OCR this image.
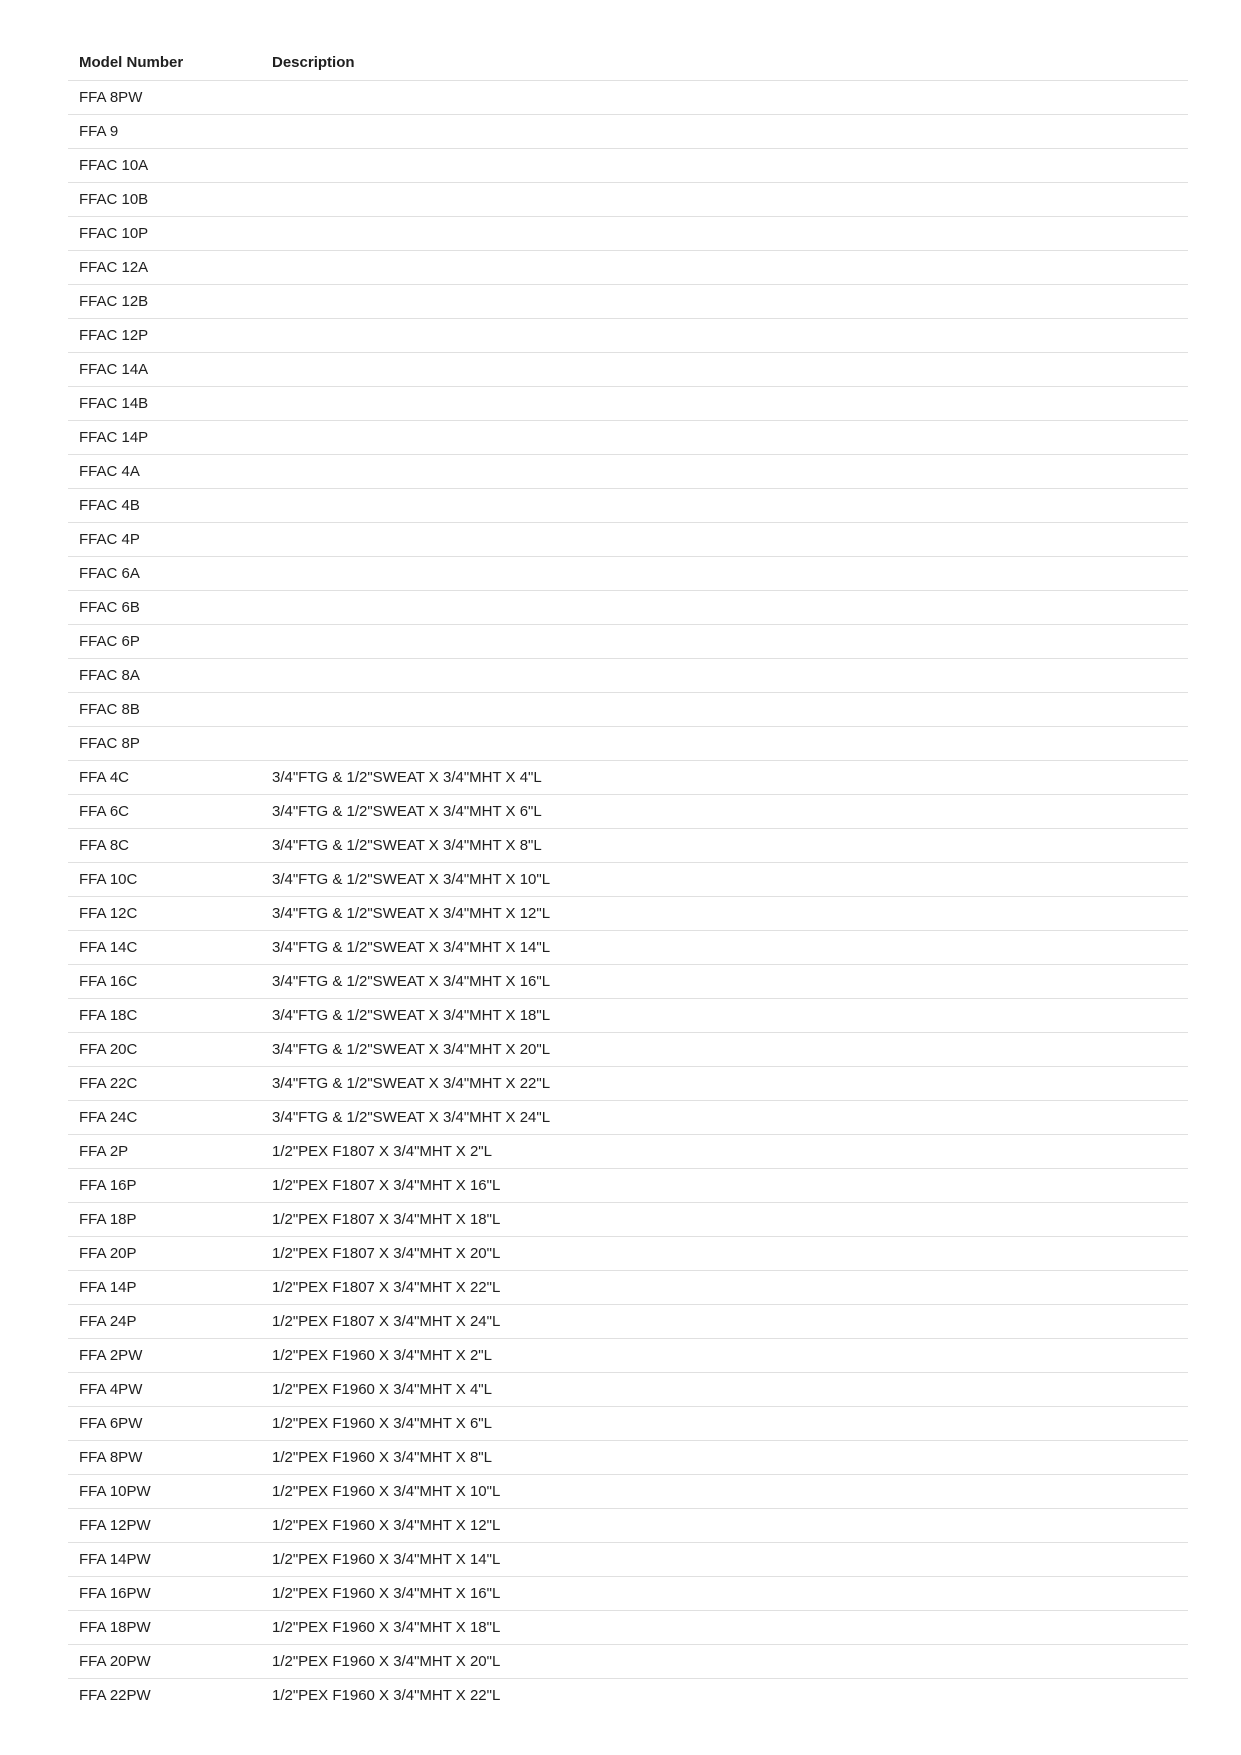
Model Number	Description
FFA 8PW	
FFA 9	
FFAC 10A	
FFAC 10B	
FFAC 10P	
FFAC 12A	
FFAC 12B	
FFAC 12P	
FFAC 14A	
FFAC 14B	
FFAC 14P	
FFAC 4A	
FFAC 4B	
FFAC 4P	
FFAC 6A	
FFAC 6B	
FFAC 6P	
FFAC 8A	
FFAC 8B	
FFAC 8P	
FFA 4C	3/4"FTG & 1/2"SWEAT X 3/4"MHT X 4"L
FFA 6C	3/4"FTG & 1/2"SWEAT X 3/4"MHT X 6"L
FFA 8C	3/4"FTG & 1/2"SWEAT X 3/4"MHT X 8"L
FFA 10C	3/4"FTG & 1/2"SWEAT X 3/4"MHT X 10"L
FFA 12C	3/4"FTG & 1/2"SWEAT X 3/4"MHT X 12"L
FFA 14C	3/4"FTG & 1/2"SWEAT X 3/4"MHT X 14"L
FFA 16C	3/4"FTG & 1/2"SWEAT X 3/4"MHT X 16"L
FFA 18C	3/4"FTG & 1/2"SWEAT X 3/4"MHT X 18"L
FFA 20C	3/4"FTG & 1/2"SWEAT X 3/4"MHT X 20"L
FFA 22C	3/4"FTG & 1/2"SWEAT X 3/4"MHT X 22"L
FFA 24C	3/4"FTG & 1/2"SWEAT X 3/4"MHT X 24"L
FFA 2P	1/2"PEX F1807 X 3/4"MHT X 2"L
FFA 16P	1/2"PEX F1807 X 3/4"MHT X 16"L
FFA 18P	1/2"PEX F1807 X 3/4"MHT X 18"L
FFA 20P	1/2"PEX F1807 X 3/4"MHT X 20"L
FFA 14P	1/2"PEX F1807 X 3/4"MHT X 22"L
FFA 24P	1/2"PEX F1807 X 3/4"MHT X 24"L
FFA 2PW	1/2"PEX F1960 X 3/4"MHT X 2"L
FFA 4PW	1/2"PEX F1960 X 3/4"MHT X 4"L
FFA 6PW	1/2"PEX F1960 X 3/4"MHT X 6"L
FFA 8PW	1/2"PEX F1960 X 3/4"MHT X 8"L
FFA 10PW	1/2"PEX F1960 X 3/4"MHT X 10"L
FFA 12PW	1/2"PEX F1960 X 3/4"MHT X 12"L
FFA 14PW	1/2"PEX F1960 X 3/4"MHT X 14"L
FFA 16PW	1/2"PEX F1960 X 3/4"MHT X 16"L
FFA 18PW	1/2"PEX F1960 X 3/4"MHT X 18"L
FFA 20PW	1/2"PEX F1960 X 3/4"MHT X 20"L
FFA 22PW	1/2"PEX F1960 X 3/4"MHT X 22"L
